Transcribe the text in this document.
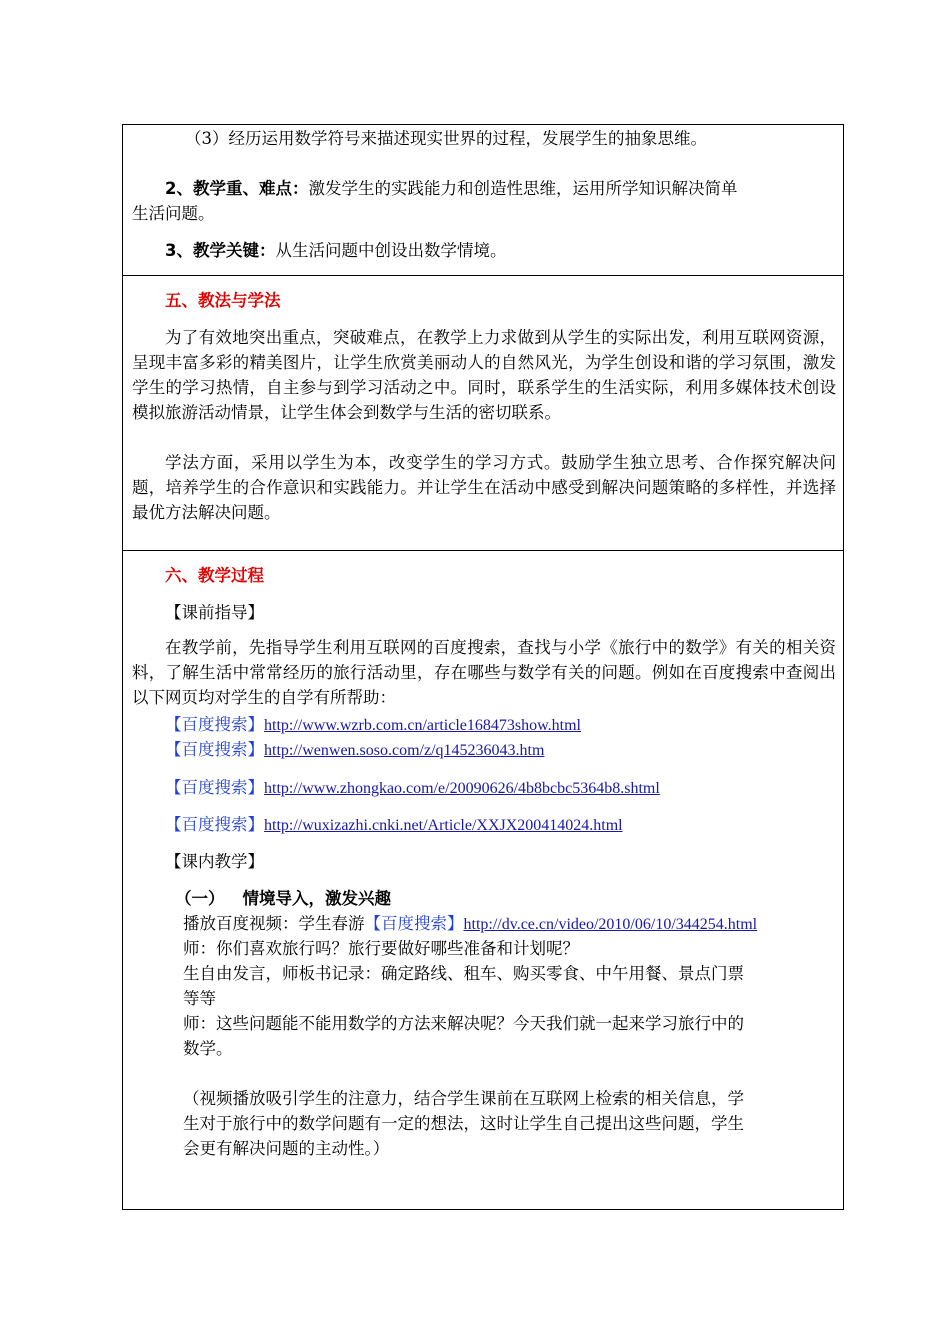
（3）经历运用数学符号来描述现实世界的过程，发展学生的抽象思维。
2、教学重、难点：激发学生的实践能力和创造性思维，运用所学知识解决简单
生活问题。
3、教学关键：从生活问题中创设出数学情境。
五、教法与学法
为了有效地突出重点，突破难点，在教学上力求做到从学生的实际出发，利用互联网资源，呈现丰富多彩的精美图片，让学生欣赏美丽动人的自然风光，为学生创设和谐的学习氛围，激发学生的学习热情，自主参与到学习活动之中。同时，联系学生的生活实际，利用多媒体技术创设模拟旅游活动情景，让学生体会到数学与生活的密切联系。
学法方面，采用以学生为本，改变学生的学习方式。鼓励学生独立思考、合作探究解决问题，培养学生的合作意识和实践能力。并让学生在活动中感受到解决问题策略的多样性，并选择最优方法解决问题。
六、教学过程
【课前指导】
在教学前，先指导学生利用互联网的百度搜索，查找与小学《旅行中的数学》有关的相关资料，了解生活中常常经历的旅行活动里，存在哪些与数学有关的问题。例如在百度搜索中查阅出以下网页均对学生的自学有所帮助：
【百度搜索】http://www.wzrb.com.cn/article168473show.html
【百度搜索】http://wenwen.soso.com/z/q145236043.htm
【百度搜索】http://www.zhongkao.com/e/20090626/4b8bcbc5364b8.shtml
【百度搜索】http://wuxizazhi.cnki.net/Article/XXJX200414024.html
【课内教学】
（一） 情境导入，激发兴趣
播放百度视频：学生春游【百度搜索】http://dv.ce.cn/video/2010/06/10/344254.html
师：你们喜欢旅行吗？旅行要做好哪些准备和计划呢？
生自由发言，师板书记录：确定路线、租车、购买零食、中午用餐、景点门票
等等
师：这些问题能不能用数学的方法来解决呢？今天我们就一起来学习旅行中的
数学。
（视频播放吸引学生的注意力，结合学生课前在互联网上检索的相关信息，学
生对于旅行中的数学问题有一定的想法，这时让学生自己提出这些问题，学生
会更有解决问题的主动性。）
